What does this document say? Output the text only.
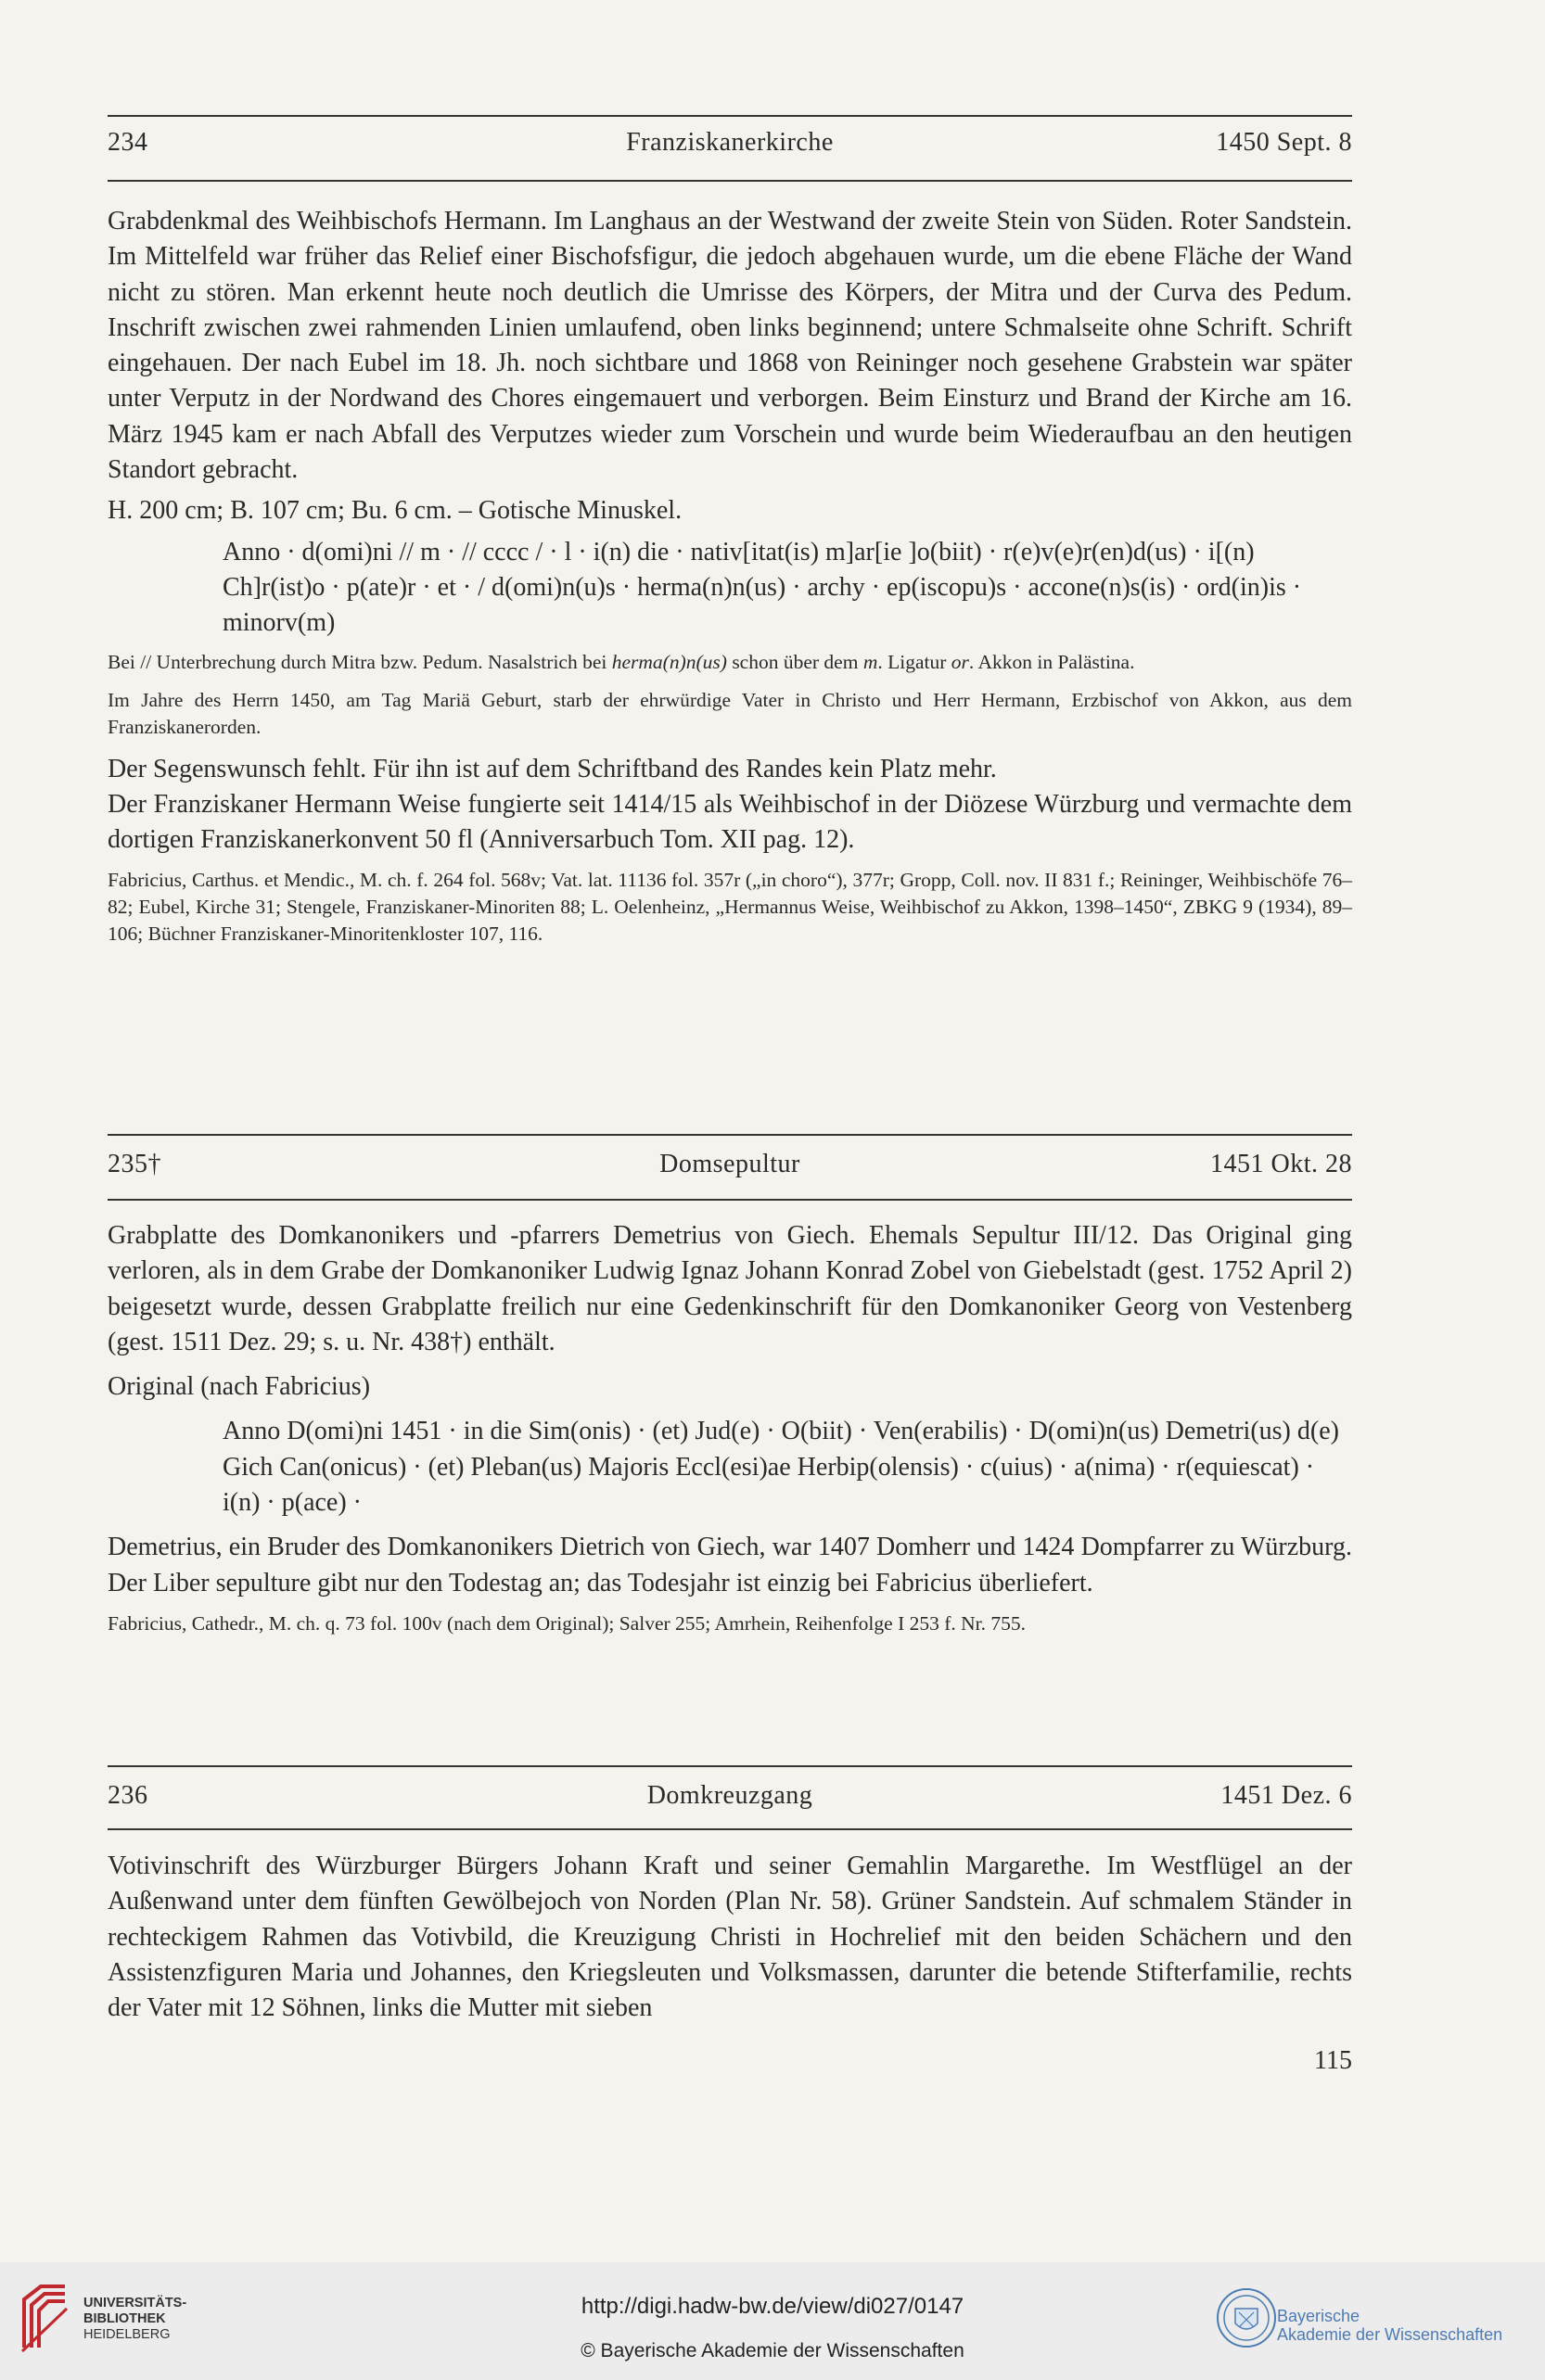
234	Franziskanerkirche	1450 Sept. 8

Grabdenkmal des Weihbischofs Hermann. Im Langhaus an der Westwand der zweite Stein von Süden. Roter Sandstein. Im Mittelfeld war früher das Relief einer Bischofsfigur, die jedoch abgehauen wurde, um die ebene Fläche der Wand nicht zu stören. Man erkennt heute noch deutlich die Umrisse des Körpers, der Mitra und der Curva des Pedum. Inschrift zwischen zwei rahmenden Linien umlaufend, oben links beginnend; untere Schmalseite ohne Schrift. Schrift eingehauen. Der nach Eubel im 18. Jh. noch sichtbare und 1868 von Reininger noch gesehene Grabstein war später unter Verputz in der Nordwand des Chores eingemauert und verborgen. Beim Einsturz und Brand der Kirche am 16. März 1945 kam er nach Abfall des Verputzes wieder zum Vorschein und wurde beim Wiederaufbau an den heutigen Standort gebracht.

H. 200 cm; B. 107 cm; Bu. 6 cm. – Gotische Minuskel.

Anno · d(omi)ni // m · // cccc / · l · i(n) die · nativ[itat(is) m]ar[ie ]o(biit) · r(e)v(e)r(en)d(us) · i[(n) Ch]r(ist)o · p(ate)r · et · / d(omi)n(u)s · herma(n)n(us) · archy · ep(iscopu)s · accone(n)s(is) · ord(in)is · minorv(m)

Bei // Unterbrechung durch Mitra bzw. Pedum. Nasalstrich bei herma(n)n(us) schon über dem m. Ligatur or. Akkon in Palästina.

Im Jahre des Herrn 1450, am Tag Mariä Geburt, starb der ehrwürdige Vater in Christo und Herr Hermann, Erzbischof von Akkon, aus dem Franziskanerorden.

Der Segenswunsch fehlt. Für ihn ist auf dem Schriftband des Randes kein Platz mehr.

Der Franziskaner Hermann Weise fungierte seit 1414/15 als Weihbischof in der Diözese Würzburg und vermachte dem dortigen Franziskanerkonvent 50 fl (Anniversarbuch Tom. XII pag. 12).

Fabricius, Carthus. et Mendic., M. ch. f. 264 fol. 568v; Vat. lat. 11136 fol. 357r („in choro“), 377r; Gropp, Coll. nov. II 831 f.; Reininger, Weihbischöfe 76–82; Eubel, Kirche 31; Stengele, Franziskaner-Minoriten 88; L. Oelenheinz, „Hermannus Weise, Weihbischof zu Akkon, 1398–1450“, ZBKG 9 (1934), 89–106; Büchner Franziskaner-Minoritenkloster 107, 116.

235†	Domsepultur	1451 Okt. 28

Grabplatte des Domkanonikers und -pfarrers Demetrius von Giech. Ehemals Sepultur III/12. Das Original ging verloren, als in dem Grabe der Domkanoniker Ludwig Ignaz Johann Konrad Zobel von Giebelstadt (gest. 1752 April 2) beigesetzt wurde, dessen Grabplatte freilich nur eine Gedenkinschrift für den Domkanoniker Georg von Vestenberg (gest. 1511 Dez. 29; s. u. Nr. 438†) enthält.

Original (nach Fabricius)

Anno D(omi)ni 1451 · in die Sim(onis) · (et) Jud(e) · O(biit) · Ven(erabilis) · D(omi)n(us) Demetri(us) d(e) Gich Can(onicus) · (et) Pleban(us) Majoris Eccl(esi)ae Herbip(olensis) · c(uius) · a(nima) · r(equiescat) · i(n) · p(ace) ·

Demetrius, ein Bruder des Domkanonikers Dietrich von Giech, war 1407 Domherr und 1424 Dompfarrer zu Würzburg. Der Liber sepulture gibt nur den Todestag an; das Todesjahr ist einzig bei Fabricius überliefert.

Fabricius, Cathedr., M. ch. q. 73 fol. 100v (nach dem Original); Salver 255; Amrhein, Reihenfolge I 253 f. Nr. 755.

236	Domkreuzgang	1451 Dez. 6

Votivinschrift des Würzburger Bürgers Johann Kraft und seiner Gemahlin Margarethe. Im Westflügel an der Außenwand unter dem fünften Gewölbejoch von Norden (Plan Nr. 58). Grüner Sandstein. Auf schmalem Ständer in rechteckigem Rahmen das Votivbild, die Kreuzigung Christi in Hochrelief mit den beiden Schächern und den Assistenzfiguren Maria und Johannes, den Kriegsleuten und Volksmassen, darunter die betende Stifterfamilie, rechts der Vater mit 12 Söhnen, links die Mutter mit sieben

115
UNIVERSITÄTS-
BIBLIOTHEK
HEIDELBERG
http://digi.hadw-bw.de/view/di027/0147
© Bayerische Akademie der Wissenschaften
Bayerische
Akademie der Wissenschaften
